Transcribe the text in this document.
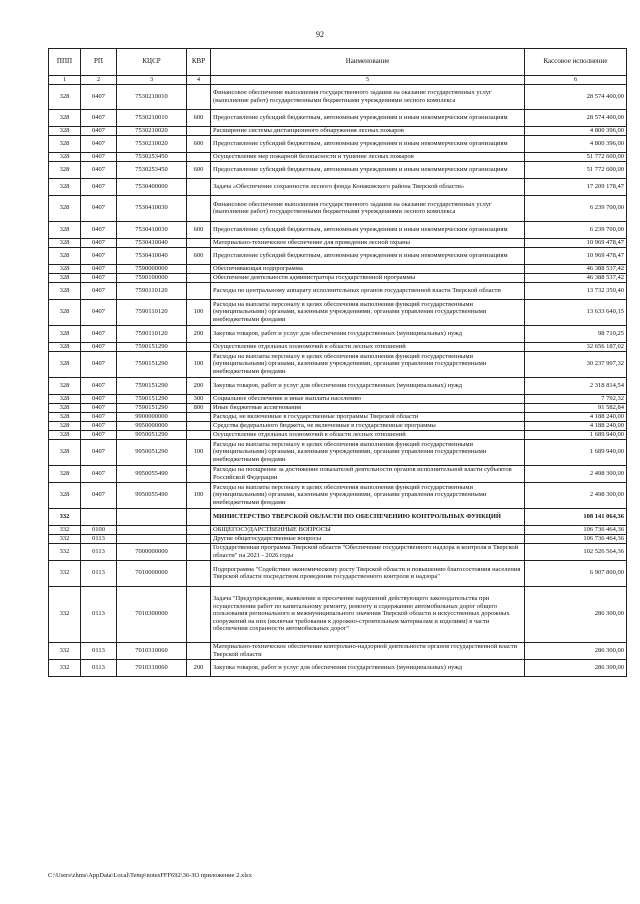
92
ППП	РП	КЦСР	КВР	Наименование	Кассовое исполнение
1	2	3	4	5	6
328	0407	7530210010		Финансовое обеспечение выполнения государственного задания на оказание государственных услуг (выполнение работ) государственными бюджетными учреждениями лесного комплекса	28 574 400,00
328	0407	7530210010	600	Предоставление субсидий бюджетным, автономным учреждениям и иным некоммерческим организациям	28 574 400,00
328	0407	7530210020		Расширение системы дистанционного обнаружения лесных пожаров	4 800 396,00
328	0407	7530210020	600	Предоставление субсидий бюджетным, автономным учреждениям и иным некоммерческим организациям	4 800 396,00
328	0407	7530253450		Осуществление мер пожарной безопасности и тушение лесных пожаров	51 772 600,00
328	0407	7530253450	600	Предоставление субсидий бюджетным, автономным учреждениям и иным некоммерческим организациям	51 772 600,00
328	0407	7530400000		Задача «Обеспечение сохранности лесного фонда Конаковского района Тверской области»	17 209 178,47
328	0407	7530410030		Финансовое обеспечение выполнения государственного задания на оказание государственных услуг (выполнение работ) государственными бюджетными учреждениями лесного комплекса	6 239 700,00
328	0407	7530410030	600	Предоставление субсидий бюджетным, автономным учреждениям и иным некоммерческим организациям	6 239 700,00
328	0407	7530410040		Материально-техническое обеспечение для проведения лесной охраны	10 969 478,47
328	0407	7530410040	600	Предоставление субсидий бюджетным, автономным учреждениям и иным некоммерческим организациям	10 969 478,47
328	0407	7590000000		Обеспечивающая подпрограмма	46 388 537,42
328	0407	7590100000		Обеспечение деятельности администратора государственной программы	46 388 537,42
328	0407	7590110120		Расходы по центральному аппарату исполнительных органов государственной власти Тверской области	13 732 350,40
328	0407	7590110120	100	Расходы на выплаты персоналу в целях обеспечения выполнения функций государственными (муниципальными) органами, казенными учреждениями, органами управления государственными внебюджетными фондами	13 633 640,15
328	0407	7590110120	200	Закупка товаров, работ и услуг для обеспечения государственных (муниципальных) нужд	98 710,25
328	0407	7590151290		Осуществление отдельных полномочий в области лесных отношений	32 656 187,02
328	0407	7590151290	100	Расходы на выплаты персоналу в целях обеспечения выполнения функций государственными (муниципальными) органами, казенными учреждениями, органами управления государственными внебюджетными фондами	30 237 997,32
328	0407	7590151290	200	Закупка товаров, работ и услуг для обеспечения государственных (муниципальных) нужд	2 318 814,54
328	0407	7590151290	300	Социальное обеспечение и иные выплаты населению	7 792,32
328	0407	7590151290	800	Иные бюджетные ассигнования	91 582,84
328	0407	9900000000		Расходы, не включенные в государственные программы Тверской области	4 188 240,00
328	0407	9950000000		Средства федерального бюджета, не включенные в государственные программы	4 188 240,00
328	0407	9950051290		Осуществление отдельных полномочий в области лесных отношений	1 689 940,00
328	0407	9950051290	100	Расходы на выплаты персоналу в целях обеспечения выполнения функций государственными (муниципальными) органами, казенными учреждениями, органами управления государственными внебюджетными фондами	1 689 940,00
328	0407	9950055490		Расходы на поощрение за достижение показателей деятельности органов исполнительной власти субъектов Российской Федерации	2 498 300,00
328	0407	9950055490	100	Расходы на выплаты персоналу в целях обеспечения выполнения функций государственными (муниципальными) органами, казенными учреждениями, органами управления государственными внебюджетными фондами	2 498 300,00
332				МИНИСТЕРСТВО ТВЕРСКОЙ ОБЛАСТИ ПО ОБЕСПЕЧЕНИЮ КОНТРОЛЬНЫХ ФУНКЦИЙ	108 141 064,36
332	0100			ОБЩЕГОСУДАРСТВЕННЫЕ ВОПРОСЫ	106 736 464,36
332	0113			Другие общегосударственные вопросы	106 736 464,36
332	0113	7000000000		Государственная программа Тверской области "Обеспечение государственного надзора и контроля в Тверской области" на 2021 - 2026 годы	102 526 564,36
332	0113	7010000000		Подпрограмма "Содействие экономическому росту Тверской области и повышению благосостояния населения Тверской области посредством проведения государственного контроля и надзора"	6 907 800,00
332	0113	7010300000		Задача "Предупреждение, выявление и пресечение нарушений действующего законодательства при осуществлении работ по капитальному ремонту, ремонту и содержанию автомобильных дорог общего пользования регионального и межмуниципального значения Тверской области и искусственных дорожных сооружений на них (включая требования к дорожно-строительным материалам и изделиям) в части обеспечения сохранности автомобильных дорог"	286 300,00
332	0113	7010310060		Материально-техническое обеспечение контрольно-надзорной деятельности органов государственной власти Тверской области	286 300,00
332	0113	7010310060	200	Закупка товаров, работ и услуг для обеспечения государственных (муниципальных) нужд	286 300,00
C:\Users\zhms\AppData\Local\Temp\notesFFF692\36-ЗО приложение 2.xlsx
